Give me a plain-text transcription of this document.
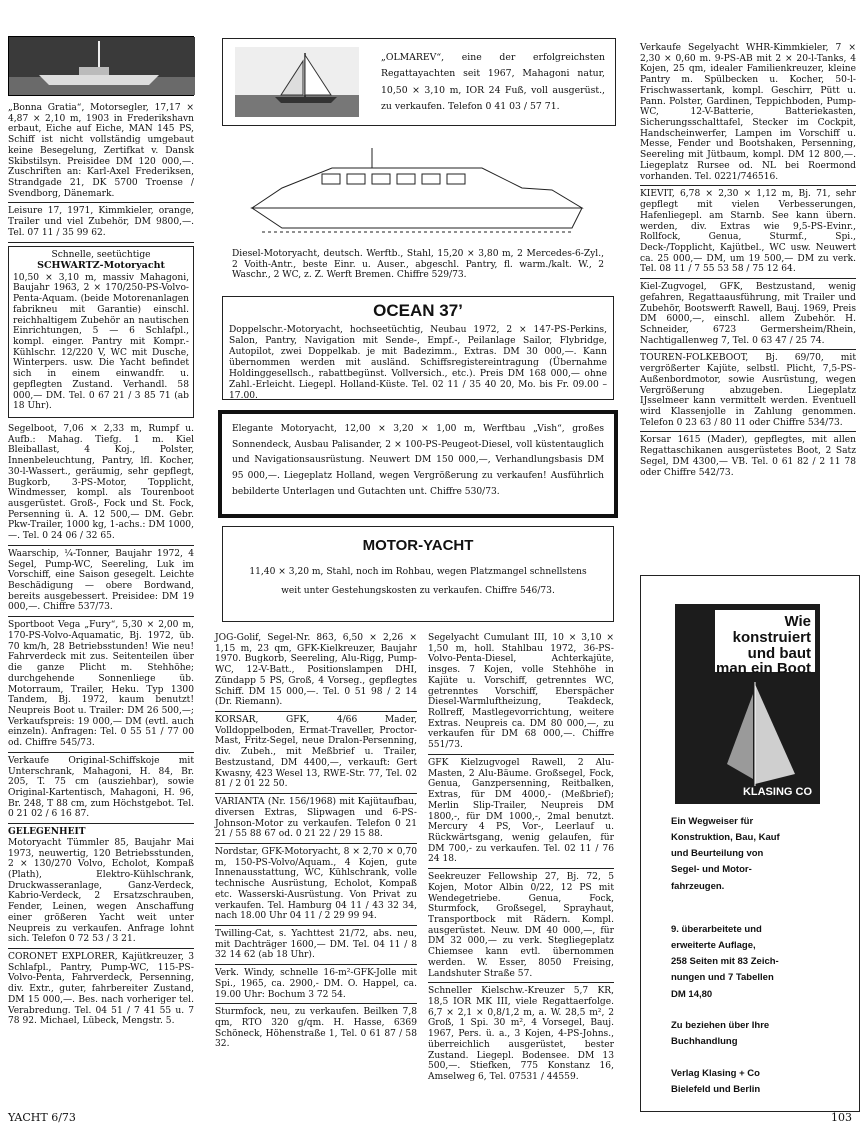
„Bonna Gratia“, Motorsegler, 17,17 × 4,87 × 2,10 m, 1903 in Frederikshavn erbaut, Eiche auf Eiche, MAN 145 PS, Schiff ist nicht vollständig umgebaut keine Besegelung, Zertifkat v. Dansk Skibstilsyn. Preisidee DM 120 000,—. Zuschriften an: Karl-Axel Frederiksen, Strandgade 21, DK 5700 Troense / Svendborg, Dänemark.

Leisure 17, 1971, Kimmkieler, orange, Trailer und viel Zubehör, DM 9800,—. Tel. 07 11 / 35 99 62.

Schnelle, seetüchtige
SCHWARTZ-Motoryacht

10,50 × 3,10 m, massiv Mahagoni, Baujahr 1963, 2 × 170/250-PS-Volvo-Penta-Aquam. (beide Motorenanlagen fabrikneu mit Garantie) einschl. reichhaltigem Zubehör an nautischen Einrichtungen, 5 — 6 Schlafpl., kompl. einger. Pantry mit Kompr.-Kühlschr. 12/220 V, WC mit Dusche, Winterpers. usw. Die Yacht befindet sich in einem einwandfr. u. gepflegten Zustand. Verhandl. 58 000,— DM. Tel. 0 67 21 / 3 85 71 (ab 18 Uhr).

Segelboot, 7,06 × 2,33 m, Rumpf u. Aufb.: Mahag. Tiefg. 1 m. Kiel Bleiballast, 4 Koj., Polster, Innenbeleuchtung, Pantry, lfl. Kocher, 30-l-Wassert., geräumig, sehr gepflegt, Bugkorb, 3-PS-Motor, Topplicht, Windmesser, kompl. als Tourenboot ausgerüstet. Groß-, Fock und St. Fock, Persenning ü. A. 12 500,— DM. Gebr. Pkw-Trailer, 1000 kg, 1-achs.: DM 1000,—. Tel. 0 24 06 / 32 65.

Waarschip, ¼-Tonner, Baujahr 1972, 4 Segel, Pump-WC, Seereling, Luk im Vorschiff, eine Saison gesegelt. Leichte Beschädigung — obere Bordwand, bereits ausgebessert. Preisidee: DM 19 000,—. Chiffre 537/73.

Sportboot Vega „Fury“, 5,30 × 2,00 m, 170-PS-Volvo-Aquamatic, Bj. 1972, üb. 70 km/h, 28 Betriebsstunden! Wie neu! Fahrverdeck mit zus. Seitenteilen über die ganze Plicht m. Stehhöhe; durchgehende Sonnenliege üb. Motorraum, Trailer, Heku. Typ 1300 Tandem, Bj. 1972, kaum benutzt! Neupreis Boot u. Trailer: DM 26 500,—; Verkaufspreis: 19 000,— DM (evtl. auch einzeln). Anfragen: Tel. 0 55 51 / 77 00 od. Chiffre 545/73.

Verkaufe Original-Schiffskoje mit Unterschrank, Mahagoni, H. 84, Br. 205, T. 75 cm (ausziehbar), sowie Original-Kartentisch, Mahagoni, H. 96, Br. 248, T 88 cm, zum Höchstgebot. Tel. 0 21 02 / 6 16 87.

GELEGENHEIT

Motoryacht Tümmler 85, Baujahr Mai 1973, neuwertig, 120 Betriebsstunden, 2 × 130/270 Volvo, Echolot, Kompaß (Plath), Elektro-Kühlschrank, Druckwasseranlage, Ganz-Verdeck, Kabrio-Verdeck, 2 Ersatzschrauben, Fender, Leinen, wegen Anschaffung einer größeren Yacht weit unter Neupreis zu verkaufen. Anfrage lohnt sich. Telefon 0 72 53 / 3 21.

CORONET EXPLORER, Kajütkreuzer, 3 Schlafpl., Pantry, Pump-WC, 115-PS-Volvo-Penta, Fahrverdeck, Persenning, div. Extr., guter, fahrbereiter Zustand, DM 15 000,—. Bes. nach vorheriger tel. Verabredung. Tel. 04 51 / 7 41 55 u. 7 78 92. Michael, Lübeck, Mengstr. 5.

„OLMAREV“, eine der erfolgreichsten Regattayachten seit 1967, Mahagoni natur, 10,50 × 3,10 m, IOR 24 Fuß, voll ausgerüst., zu verkaufen. Telefon 0 41 03 / 57 71.

Diesel-Motoryacht, deutsch. Werftb., Stahl, 15,20 × 3,80 m, 2 Mercedes-6-Zyl., 2 Voith-Antr., beste Einr. u. Auser., abgeschl. Pantry, fl. warm./kalt. W., 2 Waschr., 2 WC, z. Z. Werft Bremen. Chiffre 529/73.

OCEAN 37’
Doppelschr.-Motoryacht, hochseetüchtig, Neubau 1972, 2 × 147-PS-Perkins, Salon, Pantry, Navigation mit Sende-, Empf.-, Peilanlage Sailor, Flybridge, Autopilot, zwei Doppelkab. je mit Badezimm., Extras. DM 30 000,—. Kann übernommen werden mit ausländ. Schiffsregistereintragung (Übernahme Holdinggesellsch., rabattbegünst. Vollversich., etc.). Preis DM 168 000,— ohne Zahl.-Erleicht. Liegepl. Holland-Küste. Tel. 02 11 / 35 40 20, Mo. bis Fr. 09.00 – 17.00.
Elegante Motoryacht, 12,00 × 3,20 × 1,00 m, Werftbau „Vish“, großes Sonnendeck, Ausbau Palisander, 2 × 100-PS-Peugeot-Diesel, voll küstentauglich und Navigationsausrüstung. Neuwert DM 150 000,—, Verhandlungsbasis DM 95 000,—. Liegeplatz Holland, wegen Vergrößerung zu verkaufen! Ausführlich bebilderte Unterlagen und Gutachten unt. Chiffre 530/73.
MOTOR-YACHT
11,40 × 3,20 m, Stahl, noch im Rohbau, wegen Platzmangel schnellstens weit unter Gestehungskosten zu verkaufen. Chiffre 546/73.

JOG-Golif, Segel-Nr. 863, 6,50 × 2,26 × 1,15 m, 23 qm, GFK-Kielkreuzer, Baujahr 1970. Bugkorb, Seereling, Alu-Rigg, Pump-WC, 12-V-Batt., Positionslampen DHI, Zündapp 5 PS, Groß, 4 Vorseg., gepflegtes Schiff. DM 15 000,—. Tel. 0 51 98 / 2 14 (Dr. Riemann).

KORSAR, GFK, 4/66 Mader, Volldoppelboden, Ermat-Traveller, Proctor-Mast, Fritz-Segel, neue Dralon-Persenning, div. Zubeh., mit Meßbrief u. Trailer, Bestzustand, DM 4400,—, verkauft: Gert Kwasny, 423 Wesel 13, RWE-Str. 77, Tel. 02 81 / 2 01 22 50.

VARIANTA (Nr. 156/1968) mit Kajütaufbau, diversen Extras, Slipwagen und 6-PS-Johnson-Motor zu verkaufen. Telefon 0 21 21 / 55 88 67 od. 0 21 22 / 29 15 88.

Nordstar, GFK-Motoryacht, 8 × 2,70 × 0,70 m, 150-PS-Volvo/Aquam., 4 Kojen, gute Innenausstattung, WC, Kühlschrank, volle technische Ausrüstung, Echolot, Kompaß etc. Wasserski-Ausrüstung. Von Privat zu verkaufen. Tel. Hamburg 04 11 / 43 32 34, nach 18.00 Uhr 04 11 / 2 29 99 94.

Twilling-Cat, s. Yachttest 21/72, abs. neu, mit Dachträger 1600,— DM. Tel. 04 11 / 8 32 14 62 (ab 18 Uhr).

Verk. Windy, schnelle 16-m²-GFK-Jolle mit Spi., 1965, ca. 2900,- DM. O. Happel, ca. 19.00 Uhr: Bochum 3 72 54.

Sturmfock, neu, zu verkaufen. Beilken 7,8 qm, RTO 320 g/qm. H. Hasse, 6369 Schöneck, Höhenstraße 1, Tel. 0 61 87 / 58 32.

Segelyacht Cumulant III, 10 × 3,10 × 1,50 m, holl. Stahlbau 1972, 36-PS-Volvo-Penta-Diesel, Achterkajüte, insges. 7 Kojen, volle Stehhöhe in Kajüte u. Vorschiff, getrenntes WC, getrenntes Vorschiff, Eberspächer Diesel-Warmluftheizung, Teakdeck, Rollreff, Mastlegevorrichtung, weitere Extras. Neupreis ca. DM 80 000,—, zu verkaufen für DM 68 000,—. Chiffre 551/73.

GFK Kielzugvogel Rawell, 2 Alu-Masten, 2 Alu-Bäume. Großsegel, Fock, Genua, Ganzpersenning, Reitbalken, Extras, für DM 4000,- (Meßbrief); Merlin Slip-Trailer, Neupreis DM 1800,-, für DM 1000,-, 2mal benutzt. Mercury 4 PS, Vor-, Leerlauf u. Rückwärtsgang, wenig gelaufen, für DM 700,- zu verkaufen. Tel. 02 11 / 76 24 18.

Seekreuzer Fellowship 27, Bj. 72, 5 Kojen, Motor Albin 0/22, 12 PS mit Wendegetriebe. Genua, Fock, Sturmfock, Großsegel, Sprayhaut, Transportbock mit Rädern. Kompl. ausgerüstet. Neuw. DM 40 000,—, für DM 32 000,— zu verk. Stegliegeplatz Chiemsee kann evtl. übernommen werden. W. Esser, 8050 Freising, Landshuter Straße 57.

Schneller Kielschw.-Kreuzer 5,7 KR, 18,5 IOR MK III, viele Regattaerfolge. 6,7 × 2,1 × 0,8/1,2 m, a. W. 28,5 m², 2 Groß, 1 Spi. 30 m², 4 Vorsegel, Bauj. 1967, Pers. ü. a., 3 Kojen, 4-PS-Johns., überreichlich ausgerüstet, bester Zustand. Liegepl. Bodensee. DM 13 500,—. Stiefken, 775 Konstanz 16, Amselweg 6, Tel. 07531 / 44559.

Verkaufe Segelyacht WHR-Kimmkieler, 7 × 2,30 × 0,60 m. 9-PS-AB mit 2 × 20-l-Tanks, 4 Kojen, 25 qm, idealer Familienkreuzer, kleine Pantry m. Spülbecken u. Kocher, 50-l-Frischwassertank, kompl. Geschirr, Pütt u. Pann. Polster, Gardinen, Teppichboden, Pump-WC, 12-V-Batterie, Batteriekasten, Sicherungsschalttafel, Stecker im Cockpit, Handscheinwerfer, Lampen im Vorschiff u. Messe, Fender und Bootshaken, Persenning, Seereling mit Jütbaum, kompl. DM 12 800,—. Liegeplatz Rursee od. NL bei Roermond vorhanden. Tel. 0221/746516.

KIEVIT, 6,78 × 2,30 × 1,12 m, Bj. 71, sehr gepflegt mit vielen Verbesserungen, Hafenliegepl. am Starnb. See kann übern. werden, div. Extras wie 9,5-PS-Evinr., Rollfock, Genua, Sturmf., Spi., Deck-/Topplicht, Kajütbel., WC usw. Neuwert ca. 25 000,— DM, um 19 500,— DM zu verk. Tel. 08 11 / 7 55 53 58 / 75 12 64.

Kiel-Zugvogel, GFK, Bestzustand, wenig gefahren, Regattaausführung, mit Trailer und Zubehör, Bootswerft Rawell, Bauj. 1969, Preis DM 6000,—, einschl. allem Zubehör. H. Schneider, 6723 Germersheim/Rhein, Nachtigallenweg 7, Tel. 0 63 47 / 25 74.

TOUREN-FOLKEBOOT, Bj. 69/70, mit vergrößerter Kajüte, selbstl. Plicht, 7,5-PS-Außenbordmotor, sowie Ausrüstung, wegen Vergrößerung abzugeben. Liegeplatz IJsselmeer kann vermittelt werden. Eventuell wird Klassenjolle in Zahlung genommen. Telefon 0 23 63 / 80 11 oder Chiffre 534/73.

Korsar 1615 (Mader), gepflegtes, mit allen Regattaschikanen ausgerüstetes Boot, 2 Satz Segel, DM 4300,— VB. Tel. 0 61 82 / 2 11 78 oder Chiffre 542/73.

Wie konstruiert und baut man ein Boot
KLASING CO
Ein Wegweiser für
Konstruktion, Bau, Kauf
und Beurteilung von
Segel- und Motor-
fahrzeugen.
9. überarbeitete und
erweiterte Auflage,
258 Seiten mit 83 Zeich-
nungen und 7 Tabellen
DM 14,80
Zu beziehen über Ihre
Buchhandlung
Verlag Klasing + Co
Bielefeld und Berlin
YACHT 6/73	103
